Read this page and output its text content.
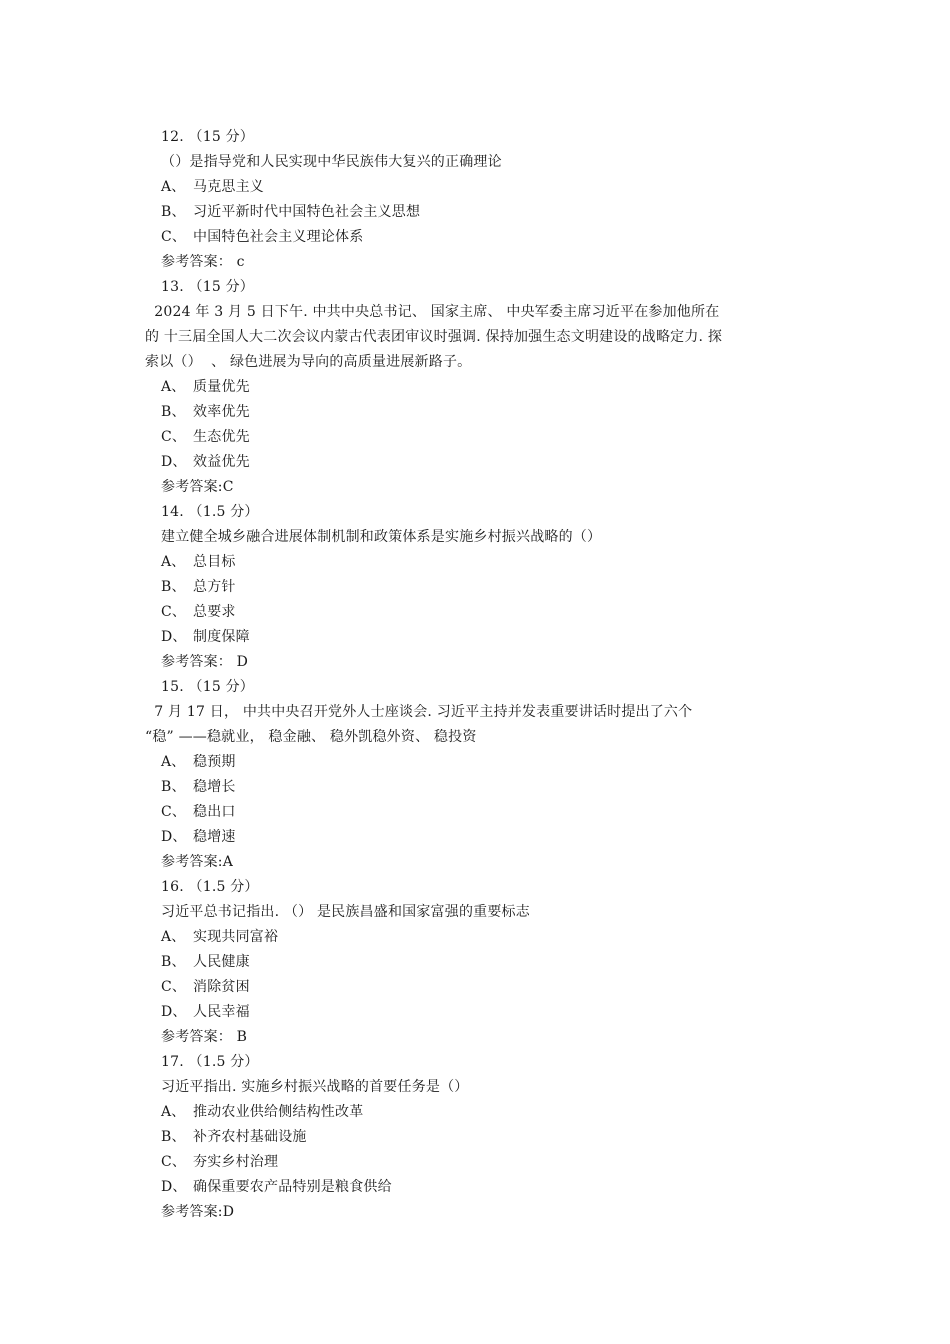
12. （15 分）
（）是指导党和人民实现中华民族伟大复兴的正确理论
A、 马克思主义
B、 习近平新时代中国特色社会主义思想
C、 中国特色社会主义理论体系
参考答案： c
13. （15 分）
2024 年 3 月 5 日下午. 中共中央总书记、 国家主席、 中央军委主席习近平在参加他所在
的 十三届全国人大二次会议内蒙古代表团审议时强调. 保持加强生态文明建设的战略定力. 探
索以（）  、 绿色进展为导向的高质量进展新路子。
A、 质量优先
B、 效率优先
C、 生态优先
D、 效益优先
参考答案:C
14. （1.5 分）
建立健全城乡融合进展体制机制和政策体系是实施乡村振兴战略的（）
A、 总目标
B、 总方针
C、 总要求
D、 制度保障
参考答案： D
15. （15 分）
7 月 17 日， 中共中央召开党外人士座谈会. 习近平主持并发表重要讲话时提出了六个
“稳” ——稳就业， 稳金融、 稳外凯稳外资、 稳投资
A、 稳预期
B、 稳增长
C、 稳出口
D、 稳增速
参考答案:A
16. （1.5 分）
习近平总书记指出. （） 是民族昌盛和国家富强的重要标志
A、 实现共同富裕
B、 人民健康
C、 消除贫困
D、 人民幸福
参考答案： B
17. （1.5 分）
习近平指出. 实施乡村振兴战略的首要任务是（）
A、 推动农业供给侧结构性改革
B、 补齐农村基础设施
C、 夯实乡村治理
D、 确保重要农产品特别是粮食供给
参考答案:D
